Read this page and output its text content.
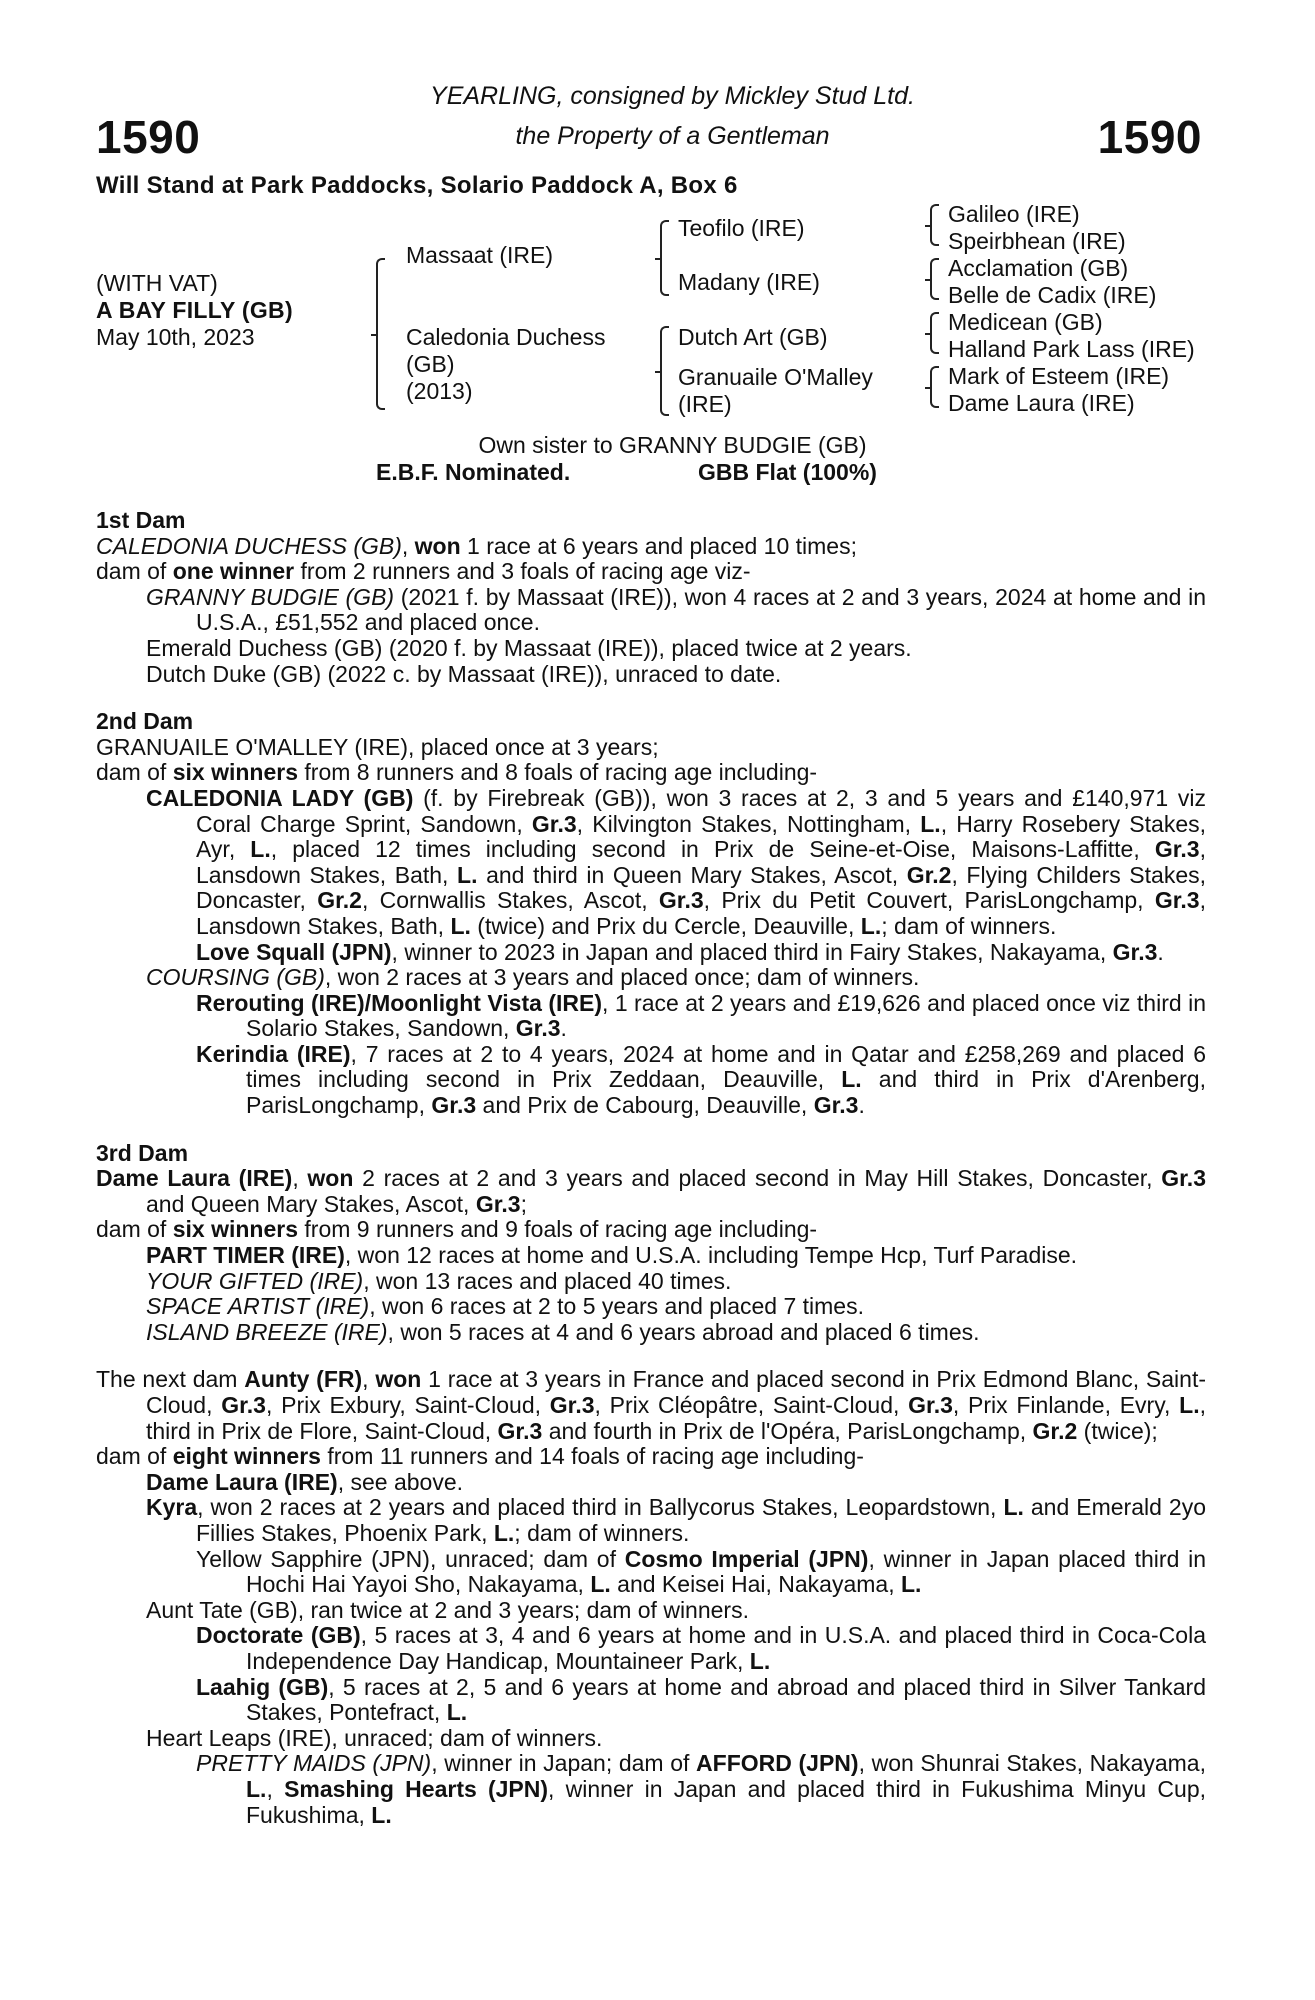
1590	1590
YEARLING, consigned by Mickley Stud Ltd.
the Property of a Gentleman
Will Stand at Park Paddocks, Solario Paddock A, Box 6
(WITH VAT)
A BAY FILLY (GB)
May 10th, 2023
Massaat (IRE)
Caledonia Duchess
(GB)
(2013)
Teofilo (IRE)
Madany (IRE)
Dutch Art (GB)
Granuaile O'Malley
(IRE)
Galileo (IRE)
Speirbhean (IRE)
Acclamation (GB)
Belle de Cadix (IRE)
Medicean (GB)
Halland Park Lass (IRE)
Mark of Esteem (IRE)
Dame Laura (IRE)
Own sister to GRANNY BUDGIE (GB)
E.B.F. Nominated.	GBB Flat (100%)
1st Dam
CALEDONIA DUCHESS (GB), won 1 race at 6 years and placed 10 times;
dam of one winner from 2 runners and 3 foals of racing age viz-
GRANNY BUDGIE (GB) (2021 f. by Massaat (IRE)), won 4 races at 2 and 3 years, 2024 at home and in U.S.A., £51,552 and placed once.
Emerald Duchess (GB) (2020 f. by Massaat (IRE)), placed twice at 2 years.
Dutch Duke (GB) (2022 c. by Massaat (IRE)), unraced to date.
2nd Dam
GRANUAILE O'MALLEY (IRE), placed once at 3 years;
dam of six winners from 8 runners and 8 foals of racing age including-
CALEDONIA LADY (GB) (f. by Firebreak (GB)), won 3 races at 2, 3 and 5 years and £140,971 viz Coral Charge Sprint, Sandown, Gr.3, Kilvington Stakes, Nottingham, L., Harry Rosebery Stakes, Ayr, L., placed 12 times including second in Prix de Seine-et-Oise, Maisons-Laffitte, Gr.3, Lansdown Stakes, Bath, L. and third in Queen Mary Stakes, Ascot, Gr.2, Flying Childers Stakes, Doncaster, Gr.2, Cornwallis Stakes, Ascot, Gr.3, Prix du Petit Couvert, ParisLongchamp, Gr.3, Lansdown Stakes, Bath, L. (twice) and Prix du Cercle, Deauville, L.; dam of winners.
Love Squall (JPN), winner to 2023 in Japan and placed third in Fairy Stakes, Nakayama, Gr.3.
COURSING (GB), won 2 races at 3 years and placed once; dam of winners.
Rerouting (IRE)/Moonlight Vista (IRE), 1 race at 2 years and £19,626 and placed once viz third in Solario Stakes, Sandown, Gr.3.
Kerindia (IRE), 7 races at 2 to 4 years, 2024 at home and in Qatar and £258,269 and placed 6 times including second in Prix Zeddaan, Deauville, L. and third in Prix d'Arenberg, ParisLongchamp, Gr.3 and Prix de Cabourg, Deauville, Gr.3.
3rd Dam
Dame Laura (IRE), won 2 races at 2 and 3 years and placed second in May Hill Stakes, Doncaster, Gr.3 and Queen Mary Stakes, Ascot, Gr.3;
dam of six winners from 9 runners and 9 foals of racing age including-
PART TIMER (IRE), won 12 races at home and U.S.A. including Tempe Hcp, Turf Paradise.
YOUR GIFTED (IRE), won 13 races and placed 40 times.
SPACE ARTIST (IRE), won 6 races at 2 to 5 years and placed 7 times.
ISLAND BREEZE (IRE), won 5 races at 4 and 6 years abroad and placed 6 times.
The next dam Aunty (FR), won 1 race at 3 years in France and placed second in Prix Edmond Blanc, Saint-Cloud, Gr.3, Prix Exbury, Saint-Cloud, Gr.3, Prix Cléopâtre, Saint-Cloud, Gr.3, Prix Finlande, Evry, L., third in Prix de Flore, Saint-Cloud, Gr.3 and fourth in Prix de l'Opéra, ParisLongchamp, Gr.2 (twice);
dam of eight winners from 11 runners and 14 foals of racing age including-
Dame Laura (IRE), see above.
Kyra, won 2 races at 2 years and placed third in Ballycorus Stakes, Leopardstown, L. and Emerald 2yo Fillies Stakes, Phoenix Park, L.; dam of winners.
Yellow Sapphire (JPN), unraced; dam of Cosmo Imperial (JPN), winner in Japan placed third in Hochi Hai Yayoi Sho, Nakayama, L. and Keisei Hai, Nakayama, L.
Aunt Tate (GB), ran twice at 2 and 3 years; dam of winners.
Doctorate (GB), 5 races at 3, 4 and 6 years at home and in U.S.A. and placed third in Coca-Cola Independence Day Handicap, Mountaineer Park, L.
Laahig (GB), 5 races at 2, 5 and 6 years at home and abroad and placed third in Silver Tankard Stakes, Pontefract, L.
Heart Leaps (IRE), unraced; dam of winners.
PRETTY MAIDS (JPN), winner in Japan; dam of AFFORD (JPN), won Shunrai Stakes, Nakayama, L., Smashing Hearts (JPN), winner in Japan and placed third in Fukushima Minyu Cup, Fukushima, L.
